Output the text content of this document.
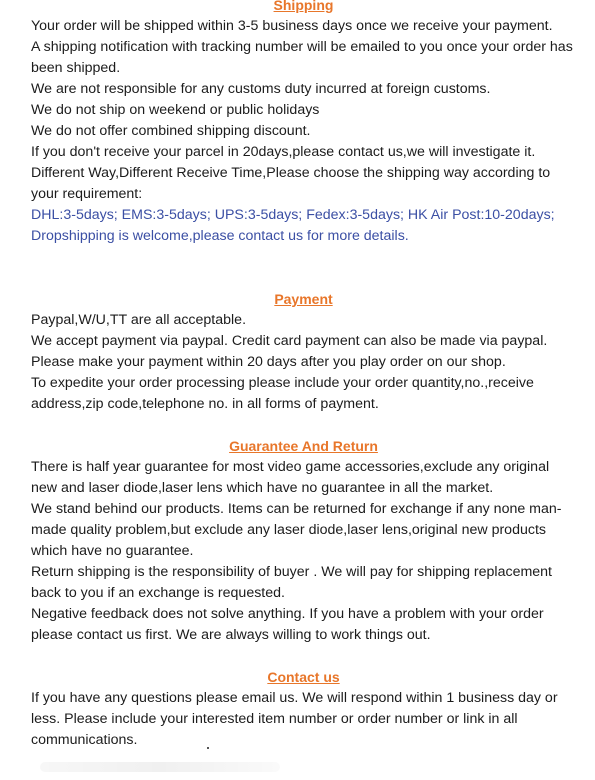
Shipping

Your order will be shipped within 3-5 business days once we receive your payment.

A shipping notification with tracking number will be emailed to you once your order has been shipped.

We are not responsible for any customs duty incurred at foreign customs.

We do not ship on weekend or public holidays

We do not offer combined shipping discount.

If you don't receive your parcel in 20days,please contact us,we will investigate it.

Different Way,Different Receive Time,Please choose the shipping way according to your requirement:

DHL:3-5days; EMS:3-5days; UPS:3-5days; Fedex:3-5days; HK Air Post:10-20days;

Dropshipping is welcome,please contact us for more details.

Payment

Paypal,W/U,TT are all acceptable.

We accept payment via paypal. Credit card payment can also be made via paypal.

Please make your payment within 20 days after you play order on our shop.

To expedite your order processing please include your order quantity,no.,receive address,zip code,telephone no. in all forms of payment.

Guarantee And Return

There is half year guarantee for most video game accessories,exclude any original new and laser diode,laser lens which have no guarantee in all the market.

We stand behind our products. Items can be returned for exchange if any none man-made quality problem,but exclude any laser diode,laser lens,original new products which have no guarantee.

Return shipping is the responsibility of buyer . We will pay for shipping replacement back to you if an exchange is requested.

Negative feedback does not solve anything. If you have a problem with your order please contact us first. We are always willing to work things out.

Contact us

If you have any questions please email us. We will respond within 1 business day or less. Please include your interested item number or order number or link in all communications.
